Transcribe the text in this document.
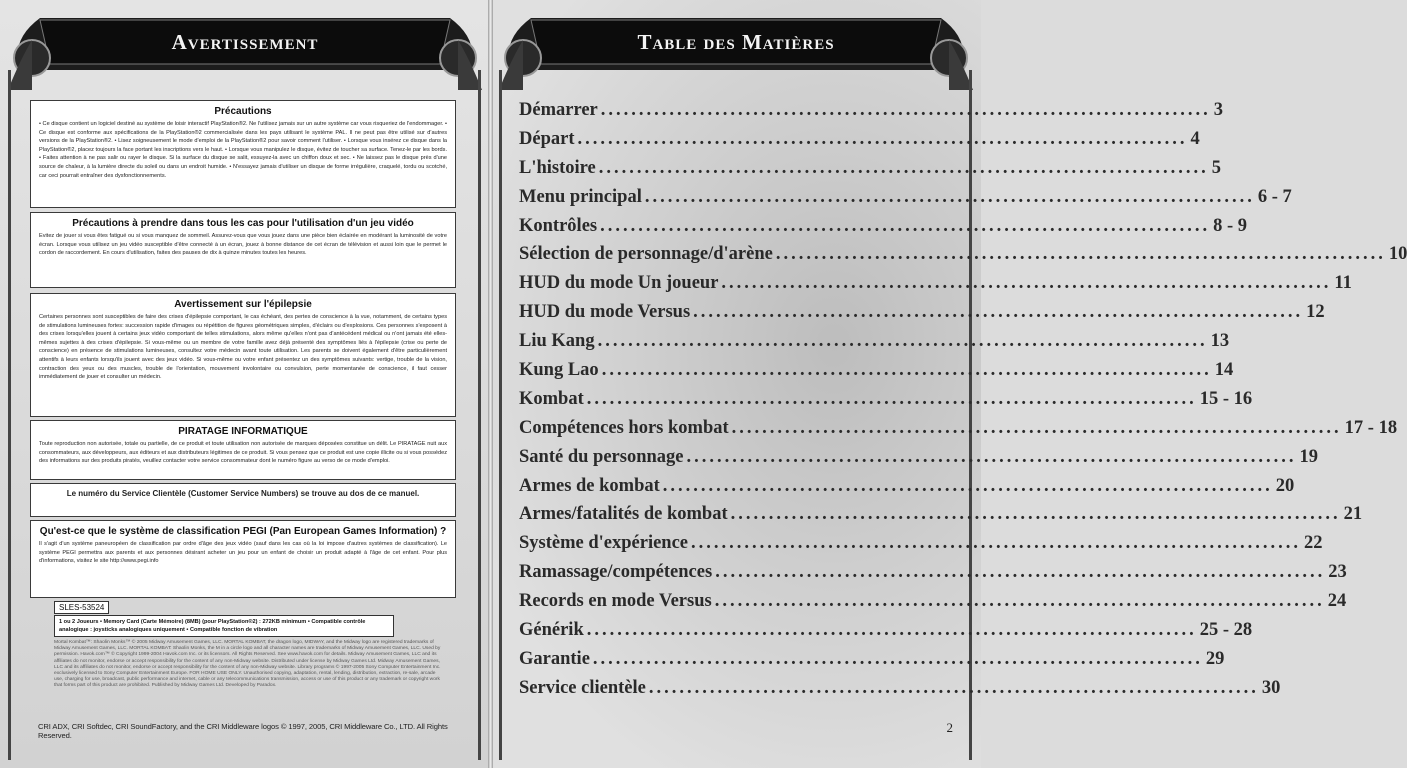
Avertissement
Précautions

• Ce disque contient un logiciel destiné au système de loisir interactif PlayStation®2. Ne l'utilisez jamais sur un autre système car vous risqueriez de l'endommager. • Ce disque est conforme aux spécifications de la PlayStation®2 commercialisée dans les pays utilisant le système PAL. Il ne peut pas être utilisé sur d'autres versions de la PlayStation®2. • Lisez soigneusement le mode d'emploi de la PlayStation®2 pour savoir comment l'utiliser. • Lorsque vous insérez ce disque dans la PlayStation®2, placez toujours la face portant les inscriptions vers le haut. • Lorsque vous manipulez le disque, évitez de toucher sa surface. Tenez-le par les bords. • Faites attention à ne pas salir ou rayer le disque. Si la surface du disque se salit, essuyez-la avec un chiffon doux et sec. • Ne laissez pas le disque près d'une source de chaleur, à la lumière directe du soleil ou dans un endroit humide. • N'essayez jamais d'utiliser un disque de forme irrégulière, craquelé, tordu ou scotché, car ceci pourrait entraîner des dysfonctionnements.

Précautions à prendre dans tous les cas pour l'utilisation d'un jeu vidéo

Evitez de jouer si vous êtes fatigué ou si vous manquez de sommeil. Assurez-vous que vous jouez dans une pièce bien éclairée en modérant la luminosité de votre écran. Lorsque vous utilisez un jeu vidéo susceptible d'être connecté à un écran, jouez à bonne distance de cet écran de télévision et aussi loin que le permet le cordon de raccordement. En cours d'utilisation, faites des pauses de dix à quinze minutes toutes les heures.

Avertissement sur l'épilepsie

Certaines personnes sont susceptibles de faire des crises d'épilepsie comportant, le cas échéant, des pertes de conscience à la vue, notamment, de certains types de stimulations lumineuses fortes: succession rapide d'images ou répétition de figures géométriques simples, d'éclairs ou d'explosions. Ces personnes s'exposent à des crises lorsqu'elles jouent à certains jeux vidéo comportant de telles stimulations, alors même qu'elles n'ont pas d'antécédent médical ou n'ont jamais été elles-mêmes sujettes à des crises d'épilepsie. Si vous-même ou un membre de votre famille avez déjà présenté des symptômes liés à l'épilepsie (crise ou perte de conscience) en présence de stimulations lumineuses, consultez votre médecin avant toute utilisation. Les parents se doivent également d'être particulièrement attentifs à leurs enfants lorsqu'ils jouent avec des jeux vidéo. Si vous-même ou votre enfant présentez un des symptômes suivants: vertige, trouble de la vision, contraction des yeux ou des muscles, trouble de l'orientation, mouvement involontaire ou convulsion, perte momentanée de conscience, il faut cesser immédiatement de jouer et consulter un médecin.

PIRATAGE INFORMATIQUE

Toute reproduction non autorisée, totale ou partielle, de ce produit et toute utilisation non autorisée de marques déposées constitue un délit. Le PIRATAGE nuit aux consommateurs, aux développeurs, aux éditeurs et aux distributeurs légitimes de ce produit. Si vous pensez que ce produit est une copie illicite ou si vous possédez des informations sur des produits piratés, veuillez contacter votre service consommateur dont le numéro figure au verso de ce mode d'emploi.

Le numéro du Service Clientèle (Customer Service Numbers) se trouve au dos de ce manuel.

Qu'est-ce que le système de classification PEGI (Pan European Games Information) ?

Il s'agit d'un système paneuropéen de classification par ordre d'âge des jeux vidéo (sauf dans les cas où la loi impose d'autres systèmes de classification). Le système PEGI permettra aux parents et aux personnes désirant acheter un jeu pour un enfant de choisir un produit adapté à l'âge de cet enfant. Pour plus d'informations, visitez le site http://www.pegi.info

SLES-53524
1 ou 2 Joueurs • Memory Card (Carte Mémoire) (8MB) (pour PlayStation®2) : 272KB minimum • Compatible contrôle
analogique : joysticks analogiques uniquement • Compatible fonction de vibration
Mortal Kombat™: Shaolin Monks™ © 2005 Midway Amusement Games, LLC. MORTAL KOMBAT, the dragon logo, MIDWAY, and the Midway logo are registered trademarks of Midway Amusement Games, LLC. MORTAL KOMBAT: Shaolin Monks, the M in a circle logo and all character names are trademarks of Midway Amusement Games, LLC. Used by permission. Havok.com™ © Copyright 1999-2004 Havok.com Inc. or its licensors. All Rights Reserved. See www.havok.com for details. Midway Amusement Games, LLC and its affiliates do not monitor, endorse or accept responsibility for the content of any non-Midway website. Distributed under license by Midway Games Ltd. Midway Amusement Games, LLC and its affiliates do not monitor, endorse or accept responsibility for the content of any non-Midway website. Library programs © 1997-2005 Sony Computer Entertainment Inc. exclusively licensed to Sony Computer Entertainment Europe. FOR HOME USE ONLY. Unauthorised copying, adaptation, rental, lending, distribution, extraction, re-sale, arcade use, charging for use, broadcast, public performance and internet, cable or any telecommunications transmission, access or use of this product or any trademark or copyright work that forms part of this product are prohibited. Published by Midway Games Ltd. Developed by Paradox.
CRI ADX, CRI Softdec, CRI SoundFactory, and the CRI Middleware logos © 1997, 2005, CRI Middleware Co., LTD. All Rights Reserved.
Table des Matières
Démarrer ................................................................................ 3
Départ ................................................................................ 4
L'histoire ................................................................................ 5
Menu principal ................................................................................ 6 - 7
Kontrôles ................................................................................ 8 - 9
Sélection de personnage/d'arène ................................................................................ 10
HUD du mode Un joueur ................................................................................ 11
HUD du mode Versus ................................................................................ 12
Liu Kang ................................................................................ 13
Kung Lao ................................................................................ 14
Kombat ................................................................................ 15 - 16
Compétences hors kombat ................................................................................ 17 - 18
Santé du personnage ................................................................................ 19
Armes de kombat ................................................................................ 20
Armes/fatalités de kombat ................................................................................ 21
Système d'expérience ................................................................................ 22
Ramassage/compétences ................................................................................ 23
Records en mode Versus ................................................................................ 24
Générik ................................................................................ 25 - 28
Garantie ................................................................................ 29
Service clientèle ................................................................................ 30
2
